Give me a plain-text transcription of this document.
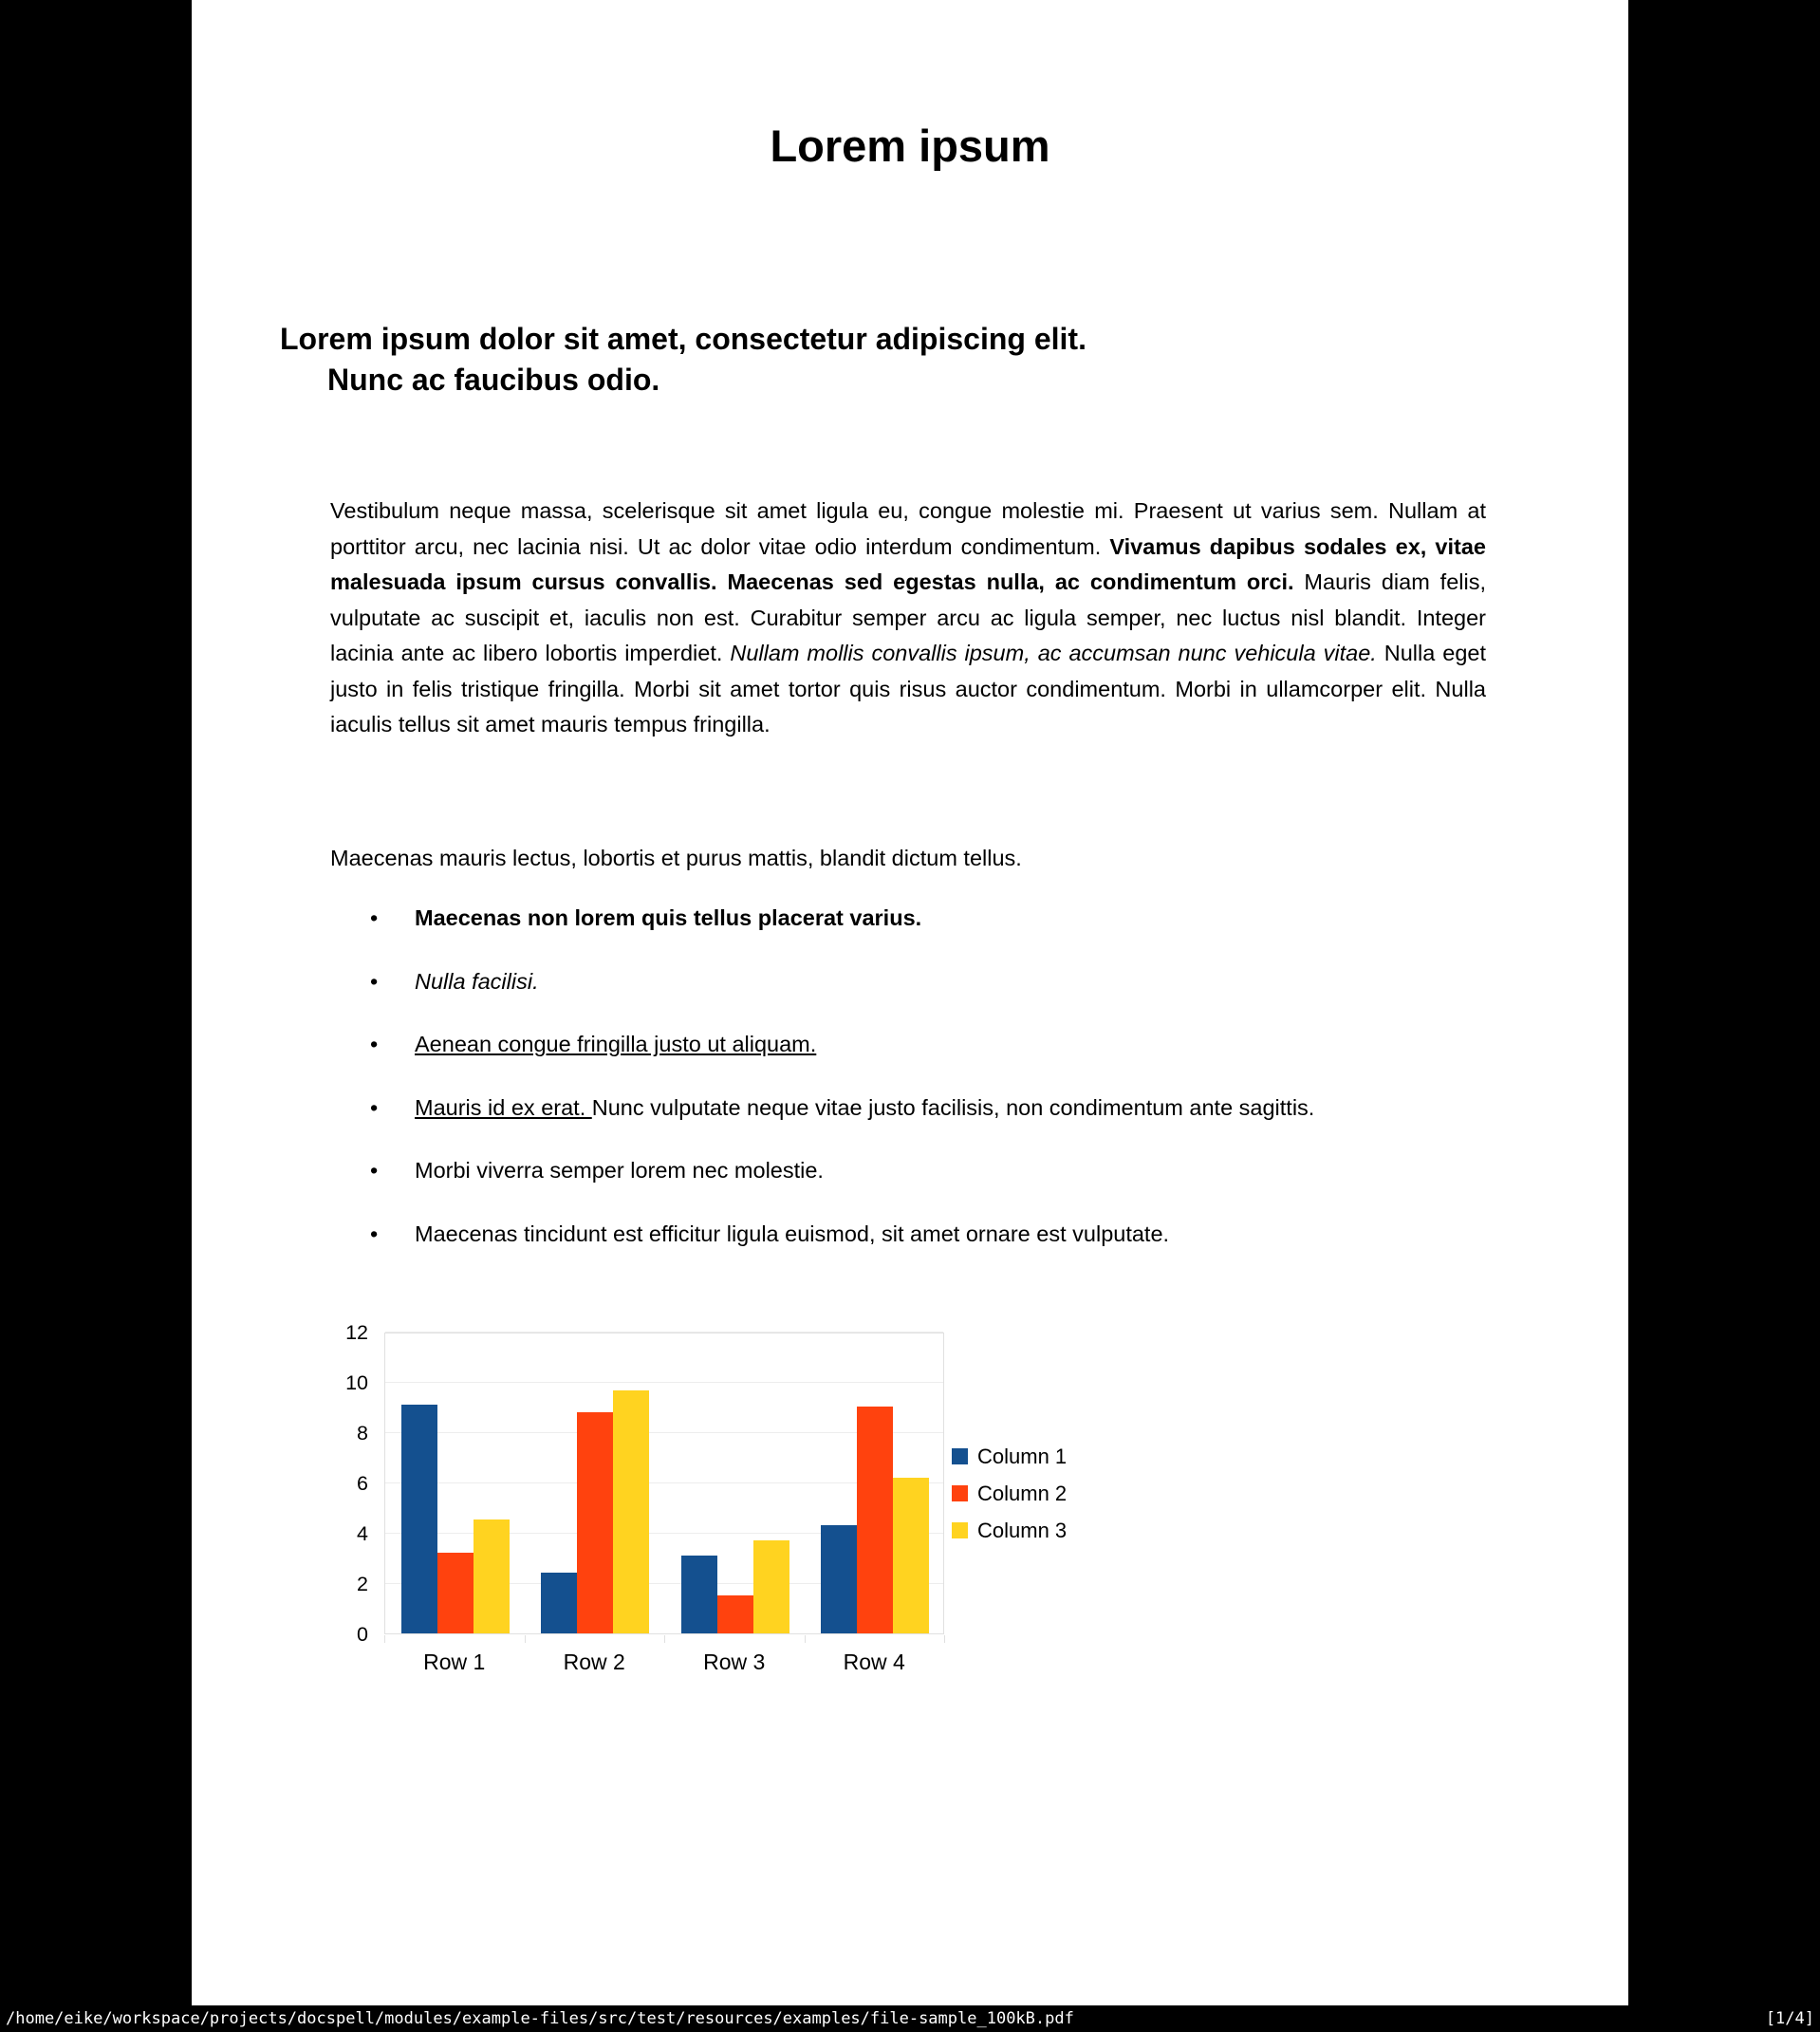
Lorem ipsum
Lorem ipsum dolor sit amet, consectetur adipiscing elit.
Nunc ac faucibus odio.

Vestibulum neque massa, scelerisque sit amet ligula eu, congue molestie mi. Praesent ut varius sem. Nullam at porttitor arcu, nec lacinia nisi. Ut ac dolor vitae odio interdum condimentum. Vivamus dapibus sodales ex, vitae malesuada ipsum cursus convallis. Maecenas sed egestas nulla, ac condimentum orci. Mauris diam felis, vulputate ac suscipit et, iaculis non est. Curabitur semper arcu ac ligula semper, nec luctus nisl blandit. Integer lacinia ante ac libero lobortis imperdiet. Nullam mollis convallis ipsum, ac accumsan nunc vehicula vitae. Nulla eget justo in felis tristique fringilla. Morbi sit amet tortor quis risus auctor condimentum. Morbi in ullamcorper elit. Nulla iaculis tellus sit amet mauris tempus fringilla.

Maecenas mauris lectus, lobortis et purus mattis, blandit dictum tellus.

•	Maecenas non lorem quis tellus placerat varius.
•	Nulla facilisi.
•	Aenean congue fringilla justo ut aliquam.
•	Mauris id ex erat. Nunc vulputate neque vitae justo facilisis, non condimentum ante sagittis.
•	Morbi viverra semper lorem nec molestie.
•	Maecenas tincidunt est efficitur ligula euismod, sit amet ornare est vulputate.
Column 1
Column 2
Column 3
0
2
4
6
8
10
12
Row 1	Row 2	Row 3	Row 4
/home/eike/workspace/projects/docspell/modules/example-files/src/test/resources/examples/file-sample_100kB.pdf	[1/4]
